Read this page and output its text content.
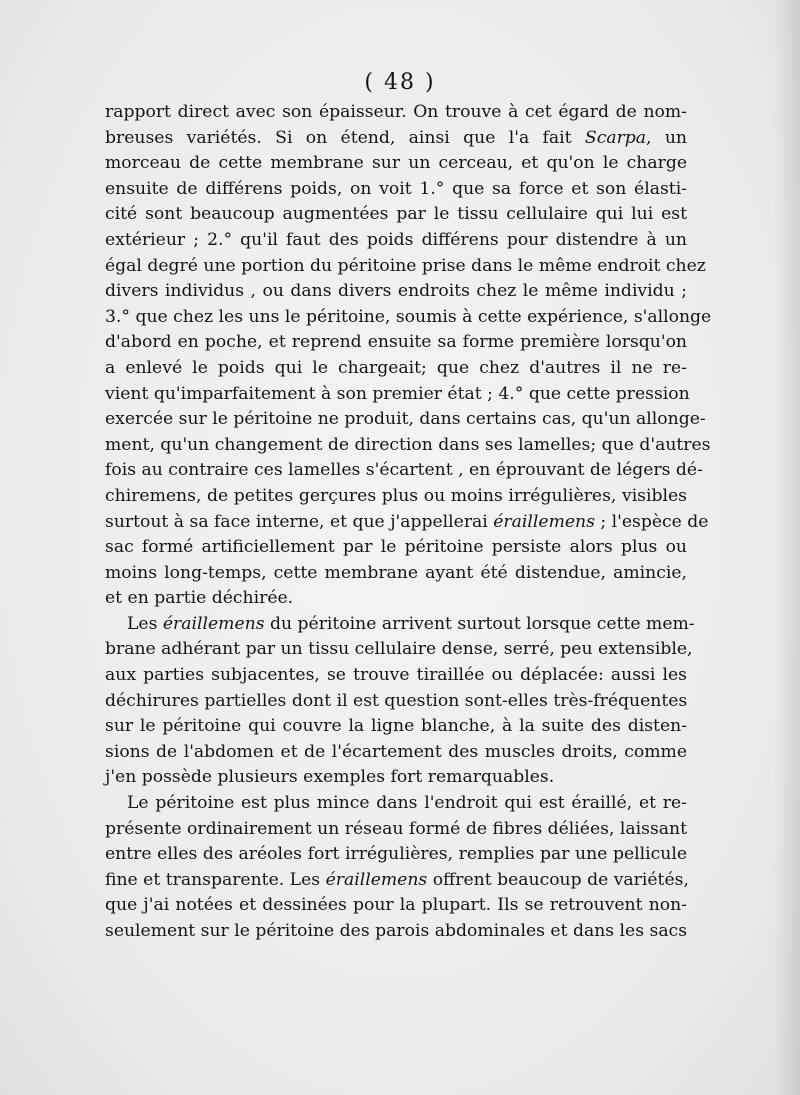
( 48 )
rapport direct avec son épaisseur. On trouve à cet égard de nom-
breuses variétés. Si on étend, ainsi que l'a fait Scarpa, un
morceau de cette membrane sur un cerceau, et qu'on le charge
ensuite de différens poids, on voit 1.° que sa force et son élasti-
cité sont beaucoup augmentées par le tissu cellulaire qui lui est
extérieur ; 2.° qu'il faut des poids différens pour distendre à un
égal degré une portion du péritoine prise dans le même endroit chez
divers individus , ou dans divers endroits chez le même individu ;
3.° que chez les uns le péritoine, soumis à cette expérience, s'allonge
d'abord en poche, et reprend ensuite sa forme première lorsqu'on
a enlevé le poids qui le chargeait; que chez d'autres il ne re-
vient qu'imparfaitement à son premier état ; 4.° que cette pression
exercée sur le péritoine ne produit, dans certains cas, qu'un allonge-
ment, qu'un changement de direction dans ses lamelles; que d'autres
fois au contraire ces lamelles s'écartent , en éprouvant de légers dé-
chiremens, de petites gerçures plus ou moins irrégulières, visibles
surtout à sa face interne, et que j'appellerai éraillemens ; l'espèce de
sac formé artificiellement par le péritoine persiste alors plus ou
moins long-temps, cette membrane ayant été distendue, amincie,
et en partie déchirée.
Les éraillemens du péritoine arrivent surtout lorsque cette mem-
brane adhérant par un tissu cellulaire dense, serré, peu extensible,
aux parties subjacentes, se trouve tiraillée ou déplacée: aussi les
déchirures partielles dont il est question sont-elles très-fréquentes
sur le péritoine qui couvre la ligne blanche, à la suite des disten-
sions de l'abdomen et de l'écartement des muscles droits, comme
j'en possède plusieurs exemples fort remarquables.
Le péritoine est plus mince dans l'endroit qui est éraillé, et re-
présente ordinairement un réseau formé de fibres déliées, laissant
entre elles des aréoles fort irrégulières, remplies par une pellicule
fine et transparente. Les éraillemens offrent beaucoup de variétés,
que j'ai notées et dessinées pour la plupart. Ils se retrouvent non-
seulement sur le péritoine des parois abdominales et dans les sacs
